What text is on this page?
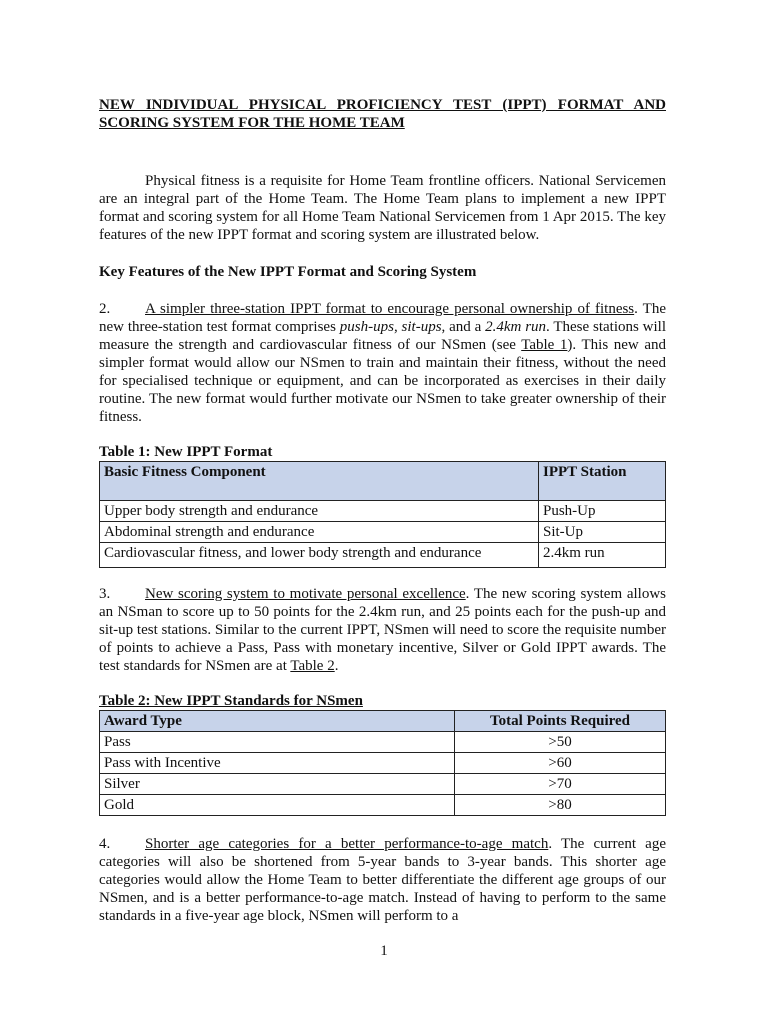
NEW INDIVIDUAL PHYSICAL PROFICIENCY TEST (IPPT) FORMAT AND SCORING SYSTEM FOR THE HOME TEAM

Physical fitness is a requisite for Home Team frontline officers. National Servicemen are an integral part of the Home Team. The Home Team plans to implement a new IPPT format and scoring system for all Home Team National Servicemen from 1 Apr 2015. The key features of the new IPPT format and scoring system are illustrated below.

Key Features of the New IPPT Format and Scoring System

2. A simpler three-station IPPT format to encourage personal ownership of fitness. The new three-station test format comprises push-ups, sit-ups, and a 2.4km run. These stations will measure the strength and cardiovascular fitness of our NSmen (see Table 1). This new and simpler format would allow our NSmen to train and maintain their fitness, without the need for specialised technique or equipment, and can be incorporated as exercises in their daily routine. The new format would further motivate our NSmen to take greater ownership of their fitness.

Table 1: New IPPT Format

Basic Fitness Component	IPPT Station
Upper body strength and endurance	Push-Up
Abdominal strength and endurance	Sit-Up
Cardiovascular fitness, and lower body strength and endurance	2.4km run

3. New scoring system to motivate personal excellence. The new scoring system allows an NSman to score up to 50 points for the 2.4km run, and 25 points each for the push-up and sit-up test stations. Similar to the current IPPT, NSmen will need to score the requisite number of points to achieve a Pass, Pass with monetary incentive, Silver or Gold IPPT awards. The test standards for NSmen are at Table 2.

Table 2: New IPPT Standards for NSmen

Award Type	Total Points Required
Pass	>50
Pass with Incentive	>60
Silver	>70
Gold	>80

4. Shorter age categories for a better performance-to-age match. The current age categories will also be shortened from 5-year bands to 3-year bands. This shorter age categories would allow the Home Team to better differentiate the different age groups of our NSmen, and is a better performance-to-age match. Instead of having to perform to the same standards in a five-year age block, NSmen will perform to a

1
